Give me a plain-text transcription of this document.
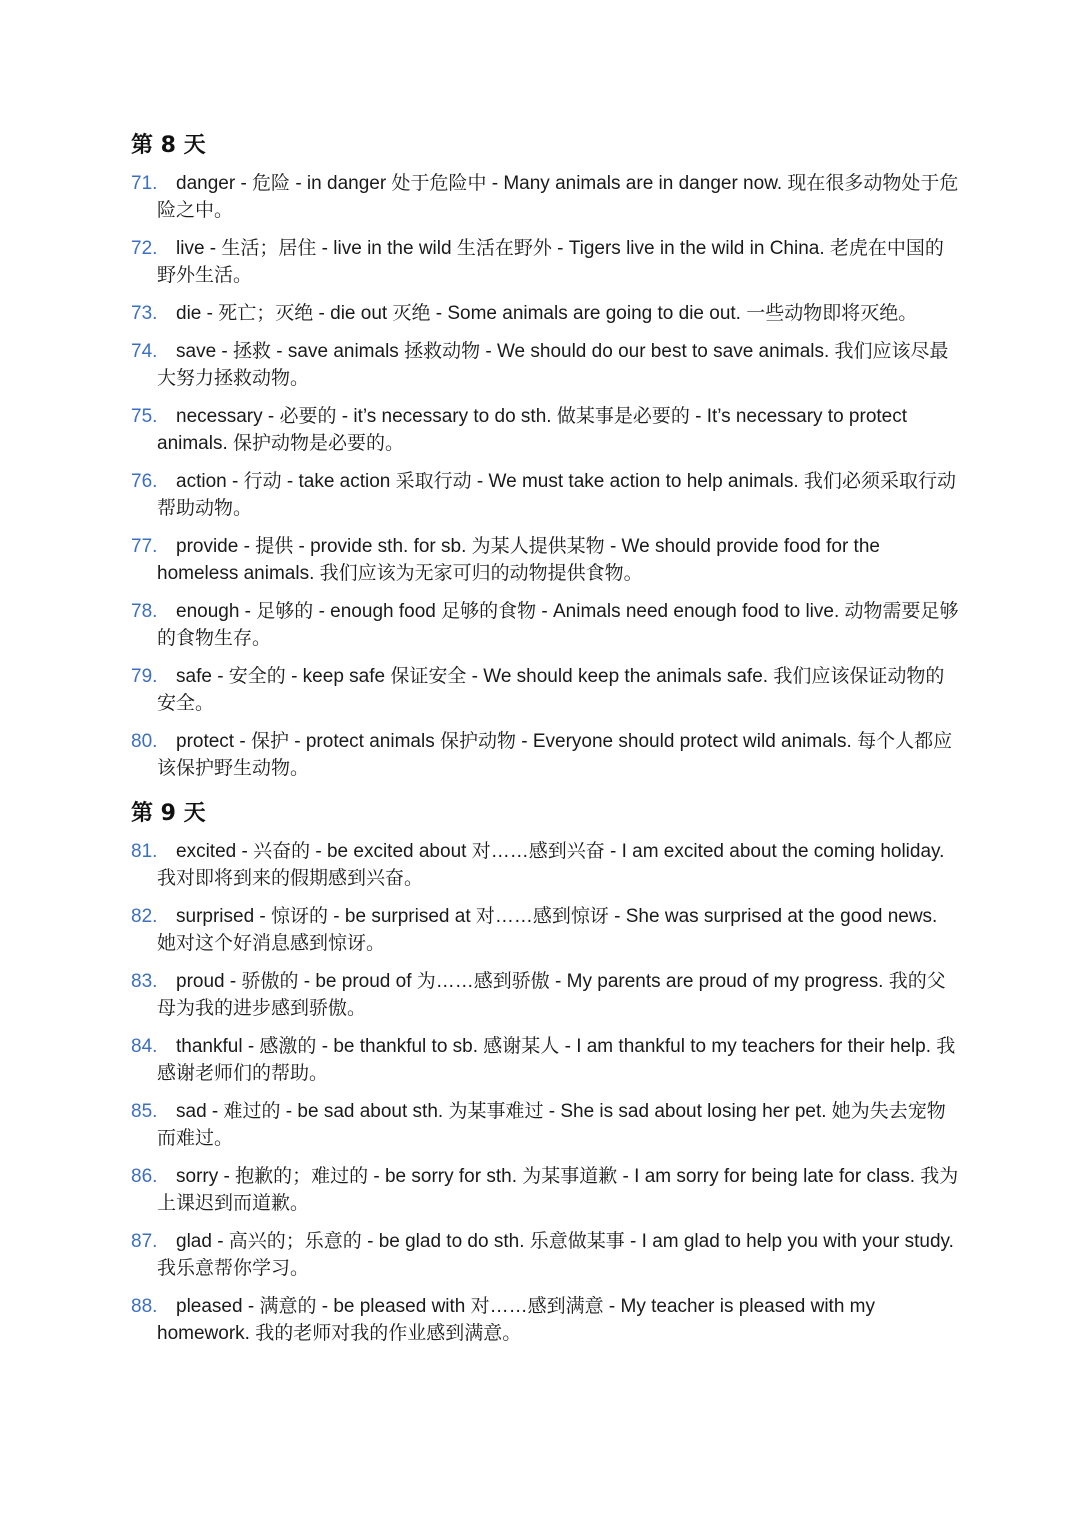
第 8 天
71. danger - 危险 - in danger 处于危险中 - Many animals are in danger now. 现在很多动物处于危险之中。
72. live - 生活；居住 - live in the wild 生活在野外 - Tigers live in the wild in China. 老虎在中国的野外生活。
73. die - 死亡；灭绝 - die out 灭绝 - Some animals are going to die out. 一些动物即将灭绝。
74. save - 拯救 - save animals 拯救动物 - We should do our best to save animals. 我们应该尽最大努力拯救动物。
75. necessary - 必要的 - it’s necessary to do sth. 做某事是必要的 - It’s necessary to protect animals. 保护动物是必要的。
76. action - 行动 - take action 采取行动 - We must take action to help animals. 我们必须采取行动帮助动物。
77. provide - 提供 - provide sth. for sb. 为某人提供某物 - We should provide food for the homeless animals. 我们应该为无家可归的动物提供食物。
78. enough - 足够的 - enough food 足够的食物 - Animals need enough food to live. 动物需要足够的食物生存。
79. safe - 安全的 - keep safe 保证安全 - We should keep the animals safe. 我们应该保证动物的安全。
80. protect - 保护 - protect animals 保护动物 - Everyone should protect wild animals. 每个人都应该保护野生动物。
第 9 天
81. excited - 兴奋的 - be excited about 对……感到兴奋 - I am excited about the coming holiday. 我对即将到来的假期感到兴奋。
82. surprised - 惊讶的 - be surprised at 对……感到惊讶 - She was surprised at the good news. 她对这个好消息感到惊讶。
83. proud - 骄傲的 - be proud of 为……感到骄傲 - My parents are proud of my progress. 我的父母为我的进步感到骄傲。
84. thankful - 感激的 - be thankful to sb. 感谢某人 - I am thankful to my teachers for their help. 我感谢老师们的帮助。
85. sad - 难过的 - be sad about sth. 为某事难过 - She is sad about losing her pet. 她为失去宠物而难过。
86. sorry - 抱歉的；难过的 - be sorry for sth. 为某事道歉 - I am sorry for being late for class. 我为上课迟到而道歉。
87. glad - 高兴的；乐意的 - be glad to do sth. 乐意做某事 - I am glad to help you with your study. 我乐意帮你学习。
88. pleased - 满意的 - be pleased with 对……感到满意 - My teacher is pleased with my homework. 我的老师对我的作业感到满意。
